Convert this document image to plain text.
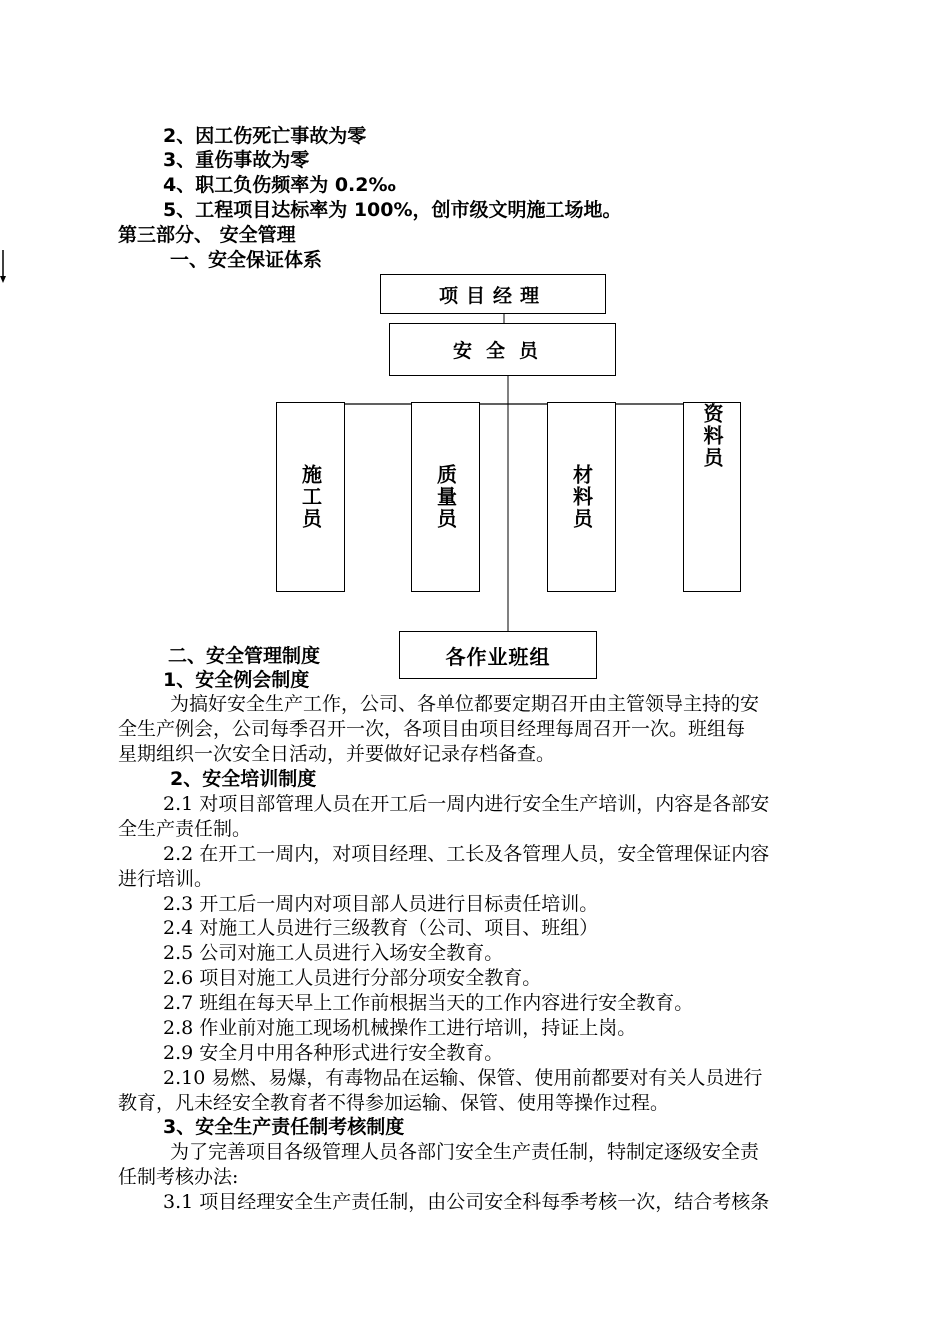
2、因工伤死亡事故为零
3、重伤事故为零
4、职工负伤频率为 0.2‰
5、工程项目达标率为 100%，创市级文明施工场地。
第三部分、 安全管理
一、安全保证体系
项目经理
安全员
施工员	质量员	材料员
资料员
各作业班组
二、安全管理制度
1、安全例会制度
为搞好安全生产工作，公司、各单位都要定期召开由主管领导主持的安
全生产例会，公司每季召开一次，各项目由项目经理每周召开一次。班组每
星期组织一次安全日活动，并要做好记录存档备查。
2、安全培训制度
2.1 对项目部管理人员在开工后一周内进行安全生产培训，内容是各部安
全生产责任制。
2.2 在开工一周内，对项目经理、工长及各管理人员，安全管理保证内容
进行培训。
2.3 开工后一周内对项目部人员进行目标责任培训。
2.4 对施工人员进行三级教育（公司、项目、班组）
2.5 公司对施工人员进行入场安全教育。
2.6 项目对施工人员进行分部分项安全教育。
2.7 班组在每天早上工作前根据当天的工作内容进行安全教育。
2.8 作业前对施工现场机械操作工进行培训，持证上岗。
2.9 安全月中用各种形式进行安全教育。
2.10 易燃、易爆，有毒物品在运输、保管、使用前都要对有关人员进行
教育，凡未经安全教育者不得参加运输、保管、使用等操作过程。
3、安全生产责任制考核制度
为了完善项目各级管理人员各部门安全生产责任制，特制定逐级安全责
任制考核办法:
3.1 项目经理安全生产责任制，由公司安全科每季考核一次，结合考核条
